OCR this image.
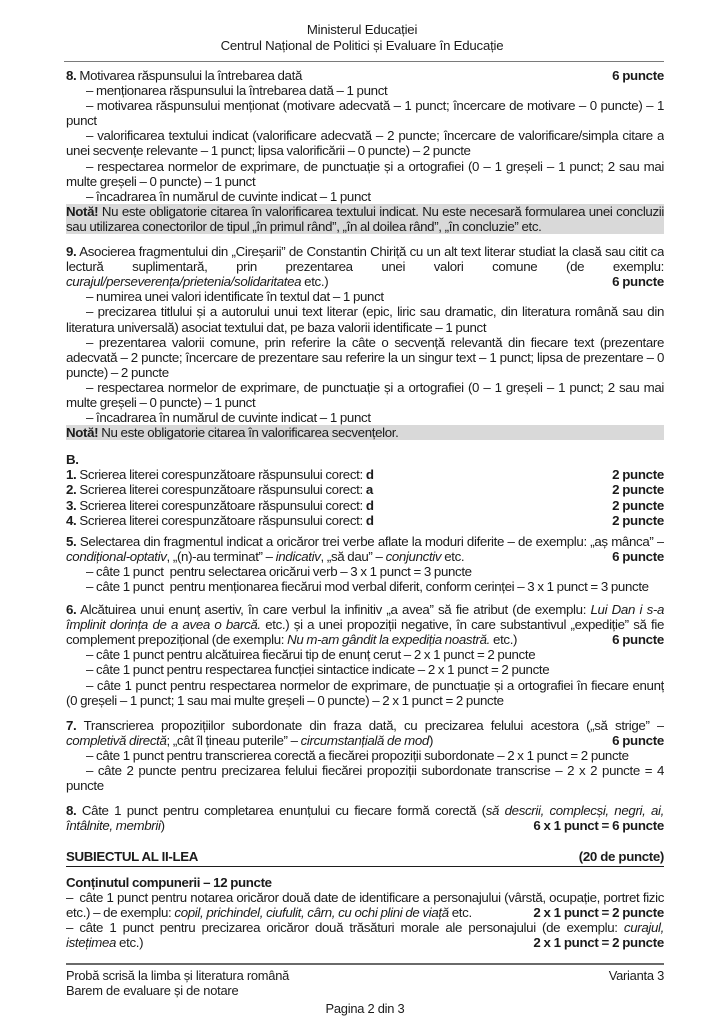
Ministerul Educației

Centrul Național de Politici și Evaluare în Educație

8. Motivarea răspunsului la întrebarea dată	6 puncte

– menționarea răspunsului la întrebarea dată – 1 punct

– motivarea răspunsului menționat (motivare adecvată – 1 punct; încercare de motivare – 0 puncte) – 1 punct

– valorificarea textului indicat (valorificare adecvată – 2 puncte; încercare de valorificare/simpla citare a unei secvențe relevante – 1 punct; lipsa valorificării – 0 puncte) – 2 puncte

– respectarea normelor de exprimare, de punctuație și a ortografiei (0 – 1 greșeli – 1 punct; 2 sau mai multe greșeli – 0 puncte) – 1 punct

– încadrarea în numărul de cuvinte indicat – 1 punct

Notă! Nu este obligatorie citarea în valorificarea textului indicat. Nu este necesară formularea unei concluzii sau utilizarea conectorilor de tipul „în primul rând”, „în al doilea rând”, „în concluzie” etc.

9. Asocierea fragmentului din „Cireșarii” de Constantin Chiriță cu un alt text literar studiat la clasă sau citit ca lectură suplimentară, prin prezentarea unei valori comune (de exemplu: curajul/perseverența/prietenia/solidaritatea etc.)	6 puncte

– numirea unei valori identificate în textul dat – 1 punct

– precizarea titlului și a autorului unui text literar (epic, liric sau dramatic, din literatura română sau din literatura universală) asociat textului dat, pe baza valorii identificate – 1 punct

– prezentarea valorii comune, prin referire la câte o secvență relevantă din fiecare text (prezentare adecvată – 2 puncte; încercare de prezentare sau referire la un singur text – 1 punct; lipsa de prezentare – 0 puncte) – 2 puncte

– respectarea normelor de exprimare, de punctuație și a ortografiei (0 – 1 greșeli – 1 punct; 2 sau mai multe greșeli – 0 puncte) – 1 punct

– încadrarea în numărul de cuvinte indicat – 1 punct

Notă! Nu este obligatorie citarea în valorificarea secvențelor.

B.

1. Scrierea literei corespunzătoare răspunsului corect: d	2 puncte

2. Scrierea literei corespunzătoare răspunsului corect: a	2 puncte

3. Scrierea literei corespunzătoare răspunsului corect: d	2 puncte

4. Scrierea literei corespunzătoare răspunsului corect: d	2 puncte

5. Selectarea din fragmentul indicat a oricăror trei verbe aflate la moduri diferite – de exemplu: „aș mânca” – condițional-optativ, „(n)-au terminat” – indicativ, „să dau” – conjunctiv etc.	6 puncte

– câte 1 punct  pentru selectarea oricărui verb – 3 x 1 punct = 3 puncte

– câte 1 punct  pentru menționarea fiecărui mod verbal diferit, conform cerinței – 3 x 1 punct = 3 puncte

6. Alcătuirea unui enunț asertiv, în care verbul la infinitiv „a avea” să fie atribut (de exemplu: Lui Dan i s-a împlinit dorința de a avea o barcă. etc.) și a unei propoziții negative, în care substantivul „expediție” să fie complement prepozițional (de exemplu: Nu m-am gândit la expediția noastră. etc.)	6 puncte

– câte 1 punct pentru alcătuirea fiecărui tip de enunț cerut – 2 x 1 punct = 2 puncte

– câte 1 punct pentru respectarea funcției sintactice indicate – 2 x 1 punct = 2 puncte

– câte 1 punct pentru respectarea normelor de exprimare, de punctuație și a ortografiei în fiecare enunț (0 greșeli – 1 punct; 1 sau mai multe greșeli – 0 puncte) – 2 x 1 punct = 2 puncte

7. Transcrierea propozițiilor subordonate din fraza dată, cu precizarea felului acestora („să strige” – completivă directă; „cât îl țineau puterile” – circumstanțială de mod)	6 puncte

– câte 1 punct pentru transcrierea corectă a fiecărei propoziții subordonate – 2 x 1 punct = 2 puncte

– câte 2 puncte pentru precizarea felului fiecărei propoziții subordonate transcrise – 2 x 2 puncte = 4 puncte

8. Câte 1 punct pentru completarea enunțului cu fiecare formă corectă (să descrii, complecși, negri, ai, întâlnite, membrii)	6 x 1 punct = 6 puncte

SUBIECTUL AL II-LEA	(20 de puncte)

Conținutul compunerii – 12 puncte

– câte 1 punct pentru notarea oricăror două date de identificare a personajului (vârstă, ocupație, portret fizic etc.) – de exemplu: copil, prichindel, ciufulit, cârn, cu ochi plini de viață etc.	2 x 1 punct = 2 puncte

– câte 1 punct pentru precizarea oricăror două trăsături morale ale personajului (de exemplu: curajul, istețimea etc.)	2 x 1 punct = 2 puncte

Probă scrisă la limba și literatura română	Varianta 3
Barem de evaluare și de notare

Pagina 2 din 3
